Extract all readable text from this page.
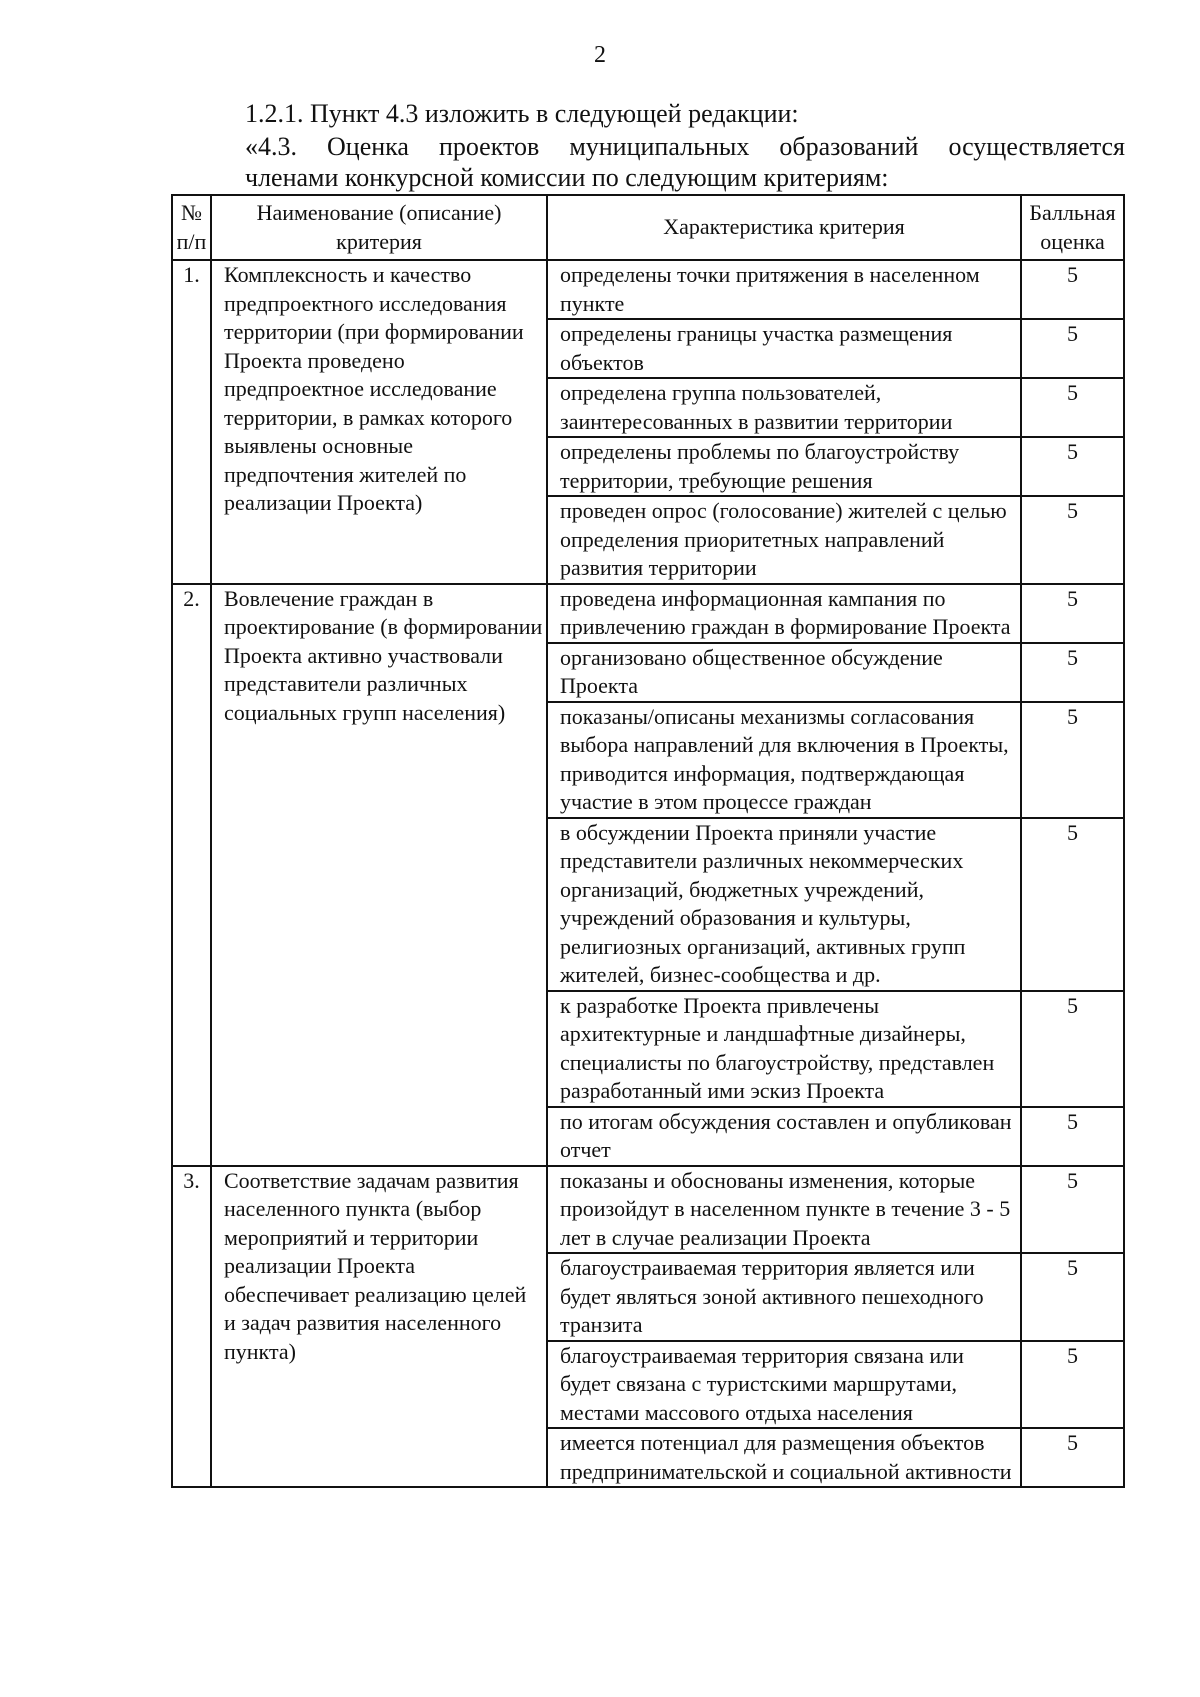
2
1.2.1. Пункт 4.3 изложить в следующей редакции:
«4.3. Оценка проектов муниципальных образований осуществляется
членами конкурсной комиссии по следующим критериям:
№ п/п	Наименование (описание) критерия	Характеристика критерия	Балльная оценка
1.	Комплексность и качество предпроектного исследования территории (при формировании Проекта проведено предпроектное исследование территории, в рамках которого выявлены основные предпочтения жителей по реализации Проекта)	определены точки притяжения в населенном пункте	5
		определены границы участка размещения объектов	5
		определена группа пользователей, заинтересованных в развитии территории	5
		определены проблемы по благоустройству территории, требующие решения	5
		проведен опрос (голосование) жителей с целью определения приоритетных направлений развития территории	5
2.	Вовлечение граждан в проектирование (в формировании Проекта активно участвовали представители различных социальных групп населения)	проведена информационная кампания по привлечению граждан в формирование Проекта	5
		организовано общественное обсуждение Проекта	5
		показаны/описаны механизмы согласования выбора направлений для включения в Проекты, приводится информация, подтверждающая участие в этом процессе граждан	5
		в обсуждении Проекта приняли участие представители различных некоммерческих организаций, бюджетных учреждений, учреждений образования и культуры, религиозных организаций, активных групп жителей, бизнес-сообщества и др.	5
		к разработке Проекта привлечены архитектурные и ландшафтные дизайнеры, специалисты по благоустройству, представлен разработанный ими эскиз Проекта	5
		по итогам обсуждения составлен и опубликован отчет	5
3.	Соответствие задачам развития населенного пункта (выбор мероприятий и территории реализации Проекта обеспечивает реализацию целей и задач развития населенного пункта)	показаны и обоснованы изменения, которые произойдут в населенном пункте в течение 3 - 5 лет в случае реализации Проекта	5
		благоустраиваемая территория является или будет являться зоной активного пешеходного транзита	5
		благоустраиваемая территория связана или будет связана с туристскими маршрутами, местами массового отдыха населения	5
		имеется потенциал для размещения объектов предпринимательской и социальной активности	5
